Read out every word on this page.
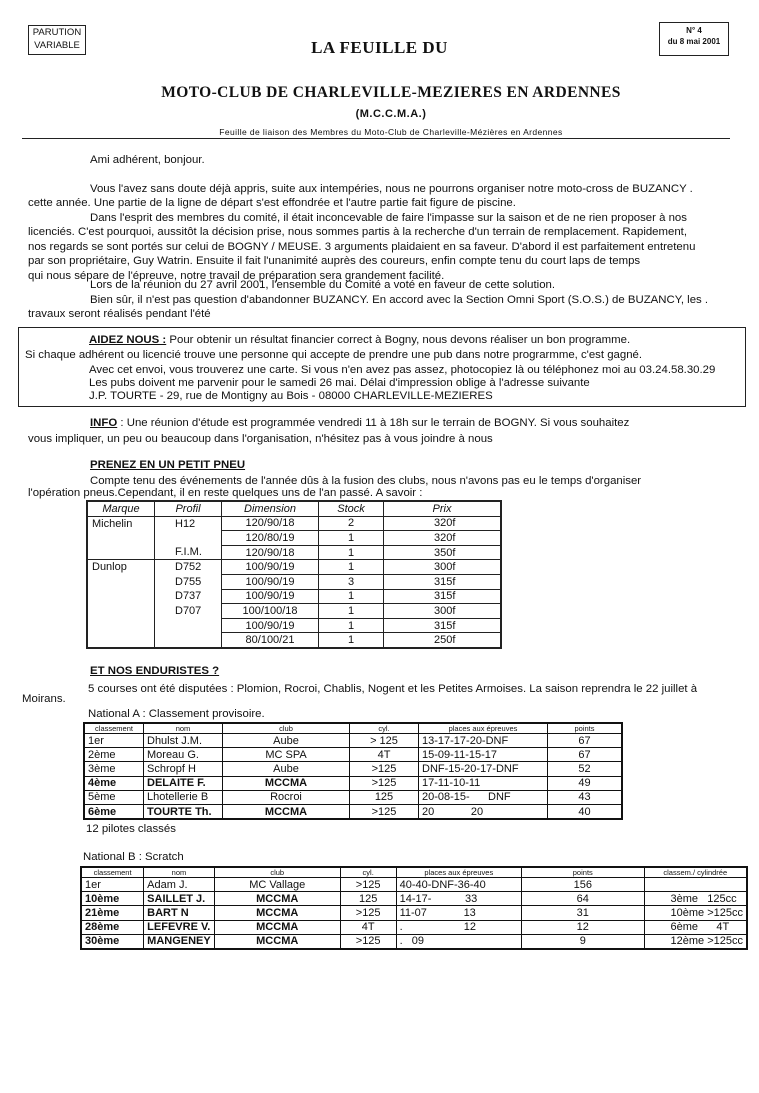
PARUTION
VARIABLE	LA FEUILLE DU
N° 4
du 8 mai 2001
MOTO-CLUB DE CHARLEVILLE-MEZIERES EN ARDENNES
(M.C.C.M.A.)
Feuille de liaison des Membres du Moto-Club de Charleville-Mézières en Ardennes
Ami adhérent, bonjour.
Vous l'avez sans doute déjà appris, suite aux intempéries, nous ne pourrons organiser notre moto-cross de BUZANCY .
cette année. Une partie de la ligne de départ s'est effondrée et l'autre partie fait figure de piscine.
Dans l'esprit des membres du comité, il était inconcevable de faire l'impasse sur la saison et de ne rien proposer à nos
licenciés. C'est pourquoi, aussitôt la décision prise, nous sommes partis à la recherche d'un terrain de remplacement. Rapidement,
nos regards se sont portés sur celui de BOGNY / MEUSE. 3 arguments plaidaient en sa faveur. D'abord il est parfaitement entretenu
par son propriétaire, Guy Watrin. Ensuite il fait l'unanimité auprès des coureurs, enfin compte tenu du court laps de temps
qui nous sépare de l'épreuve, notre travail de préparation sera grandement facilité.
Lors de la réunion du 27 avril 2001, l'ensemble du Comité a voté en faveur de cette solution.
Bien sûr, il n'est pas question d'abandonner BUZANCY. En accord avec la Section Omni Sport (S.O.S.) de BUZANCY, les .
travaux seront réalisés pendant l'été
AIDEZ NOUS : Pour obtenir un résultat financier correct à Bogny, nous devons réaliser un bon programme.
Si chaque adhérent ou licencié trouve une personne qui accepte de prendre une pub dans notre prograrmme, c'est gagné.
Avec cet envoi, vous trouverez une carte. Si vous n'en avez pas assez, photocopiez là ou téléphonez moi au 03.24.58.30.29
Les pubs doivent me parvenir pour le samedi 26 mai. Délai d'impression oblige à l'adresse suivante
J.P. TOURTE - 29, rue de Montigny au Bois - 08000 CHARLEVILLE-MEZIERES
INFO : Une réunion d'étude est programmée vendredi 11 à 18h sur le terrain de BOGNY. Si vous souhaitez
vous impliquer, un peu ou beaucoup dans l'organisation, n'hésitez pas à vous joindre à nous
PRENEZ EN UN PETIT PNEU
Compte tenu des événements de l'année dûs à la fusion des clubs, nous n'avons pas eu le temps d'organiser
l'opération pneus.Cependant, il en reste quelques uns de l'an passé. A savoir :
Marque	Profil	Dimension	Stock	Prix
Michelin	H12	120/90/18	2	320f
		120/80/19	1	320f
	F.I.M.	120/90/18	1	350f
Dunlop	D752	100/90/19	1	300f
	D755	100/90/19	3	315f
	D737	100/90/19	1	315f
	D707	100/100/18	1	300f
		100/90/19	1	315f
		80/100/21	1	250f
ET NOS ENDURISTES ?
5 courses ont été disputées : Plomion, Rocroi, Chablis, Nogent et les Petites Armoises. La saison reprendra le 22 juillet à
Moirans.
National A : Classement provisoire.
classement	nom	club	cyl.	places aux épreuves	points
1er	Dhulst J.M.	Aube	> 125	13-17-17-20-DNF	67
2ème	Moreau G.	MC SPA	4T	15-09-11-15-17	67
3ème	Schropf H	Aube	>125	DNF-15-20-17-DNF	52
4ème	DELAITE F.	MCCMA	>125	17-11-10-11	49
5ème	Lhotellerie B	Rocroi	125	20-08-15-      DNF	43
6ème	TOURTE Th.	MCCMA	>125	20            20	40
12 pilotes classés
National B : Scratch
classement	nom	club	cyl.	places aux épreuves	points	classem./ cylindrée
1er	Adam J.	MC Vallage	>125	40-40-DNF-36-40	156	
10ème	SAILLET J.	MCCMA	125	14-17-           33	64	3ème   125cc
21ème	BART N	MCCMA	>125	11-07            13	31	10ème >125cc
28ème	LEFEVRE V.	MCCMA	4T	.                    12	12	6ème      4T
30ème	MANGENEY	MCCMA	>125	.   09	9	12ème >125cc
